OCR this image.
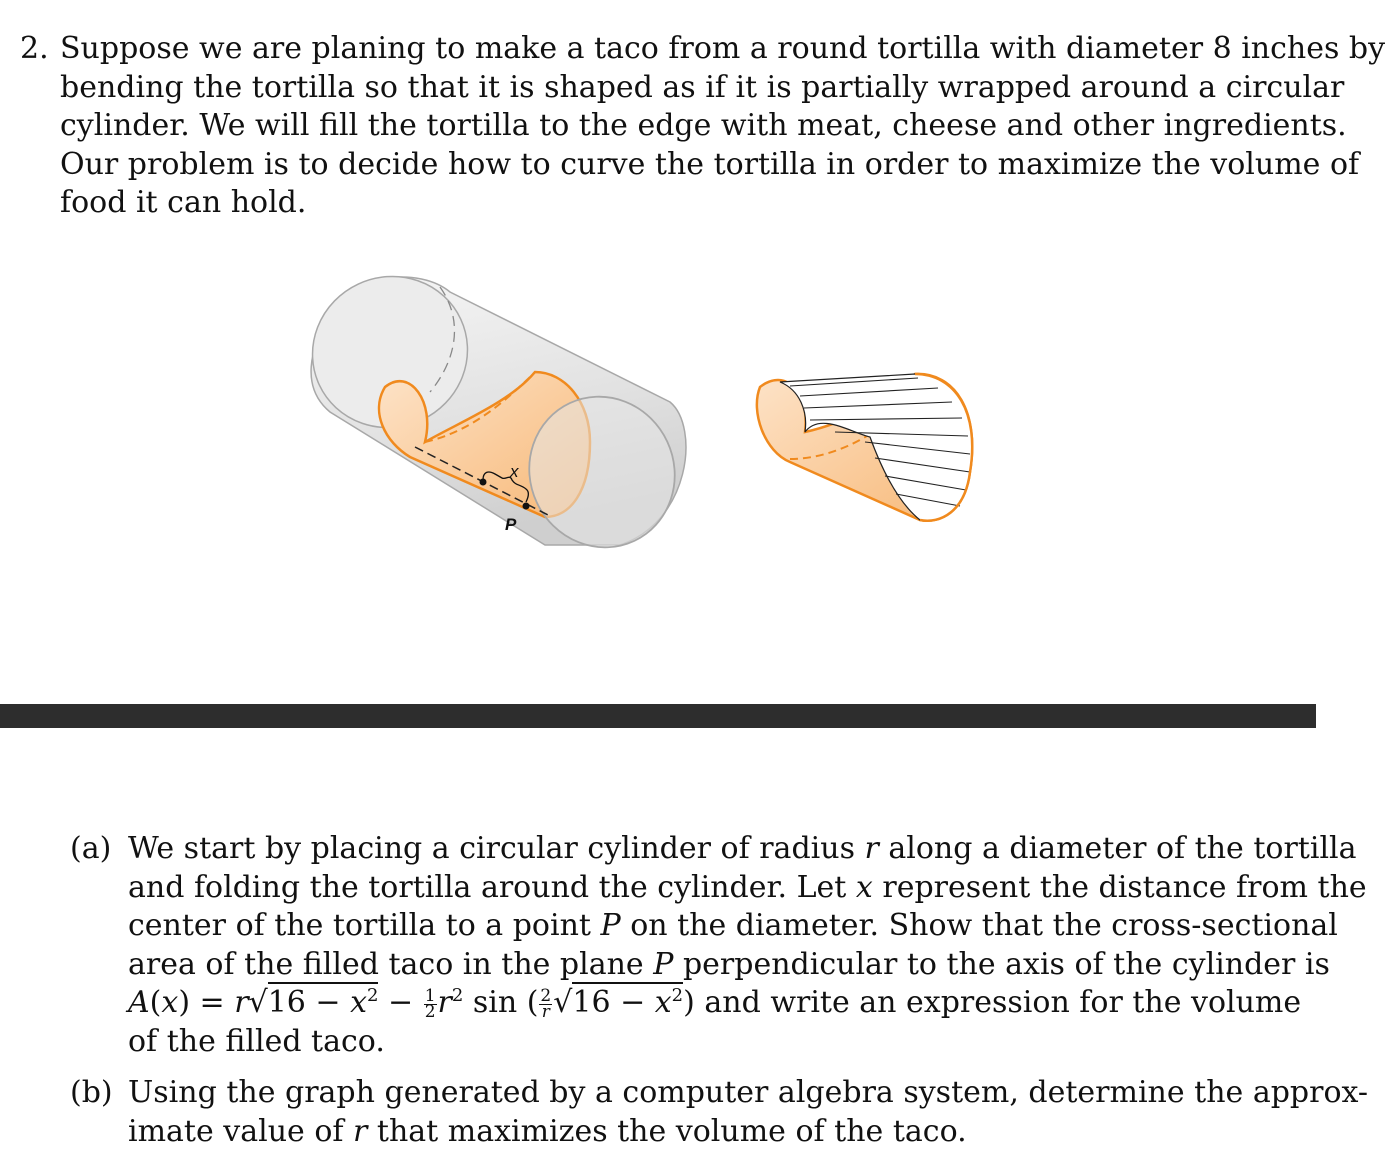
2. Suppose we are planing to make a taco from a round tortilla with diameter 8 inches by
bending the tortilla so that it is shaped as if it is partially wrapped around a circular
cylinder. We will fill the tortilla to the edge with meat, cheese and other ingredients.
Our problem is to decide how to curve the tortilla in order to maximize the volume of
food it can hold.
x
P
(a) We start by placing a circular cylinder of radius r along a diameter of the tortilla
and folding the tortilla around the cylinder. Let x represent the distance from the
center of the tortilla to a point P on the diameter. Show that the cross-sectional
area of the filled taco in the plane P perpendicular to the axis of the cylinder is
$A(x) = r√16 - x^2 - \frac{1}{2} r^2$ sin ( $\frac{2}{r} √16 - x^2$) and write an expression for the volume
of the filled taco.
(b) Using the graph generated by a computer algebra system, determine the approx-
imate value of r that maximizes the volume of the taco.
